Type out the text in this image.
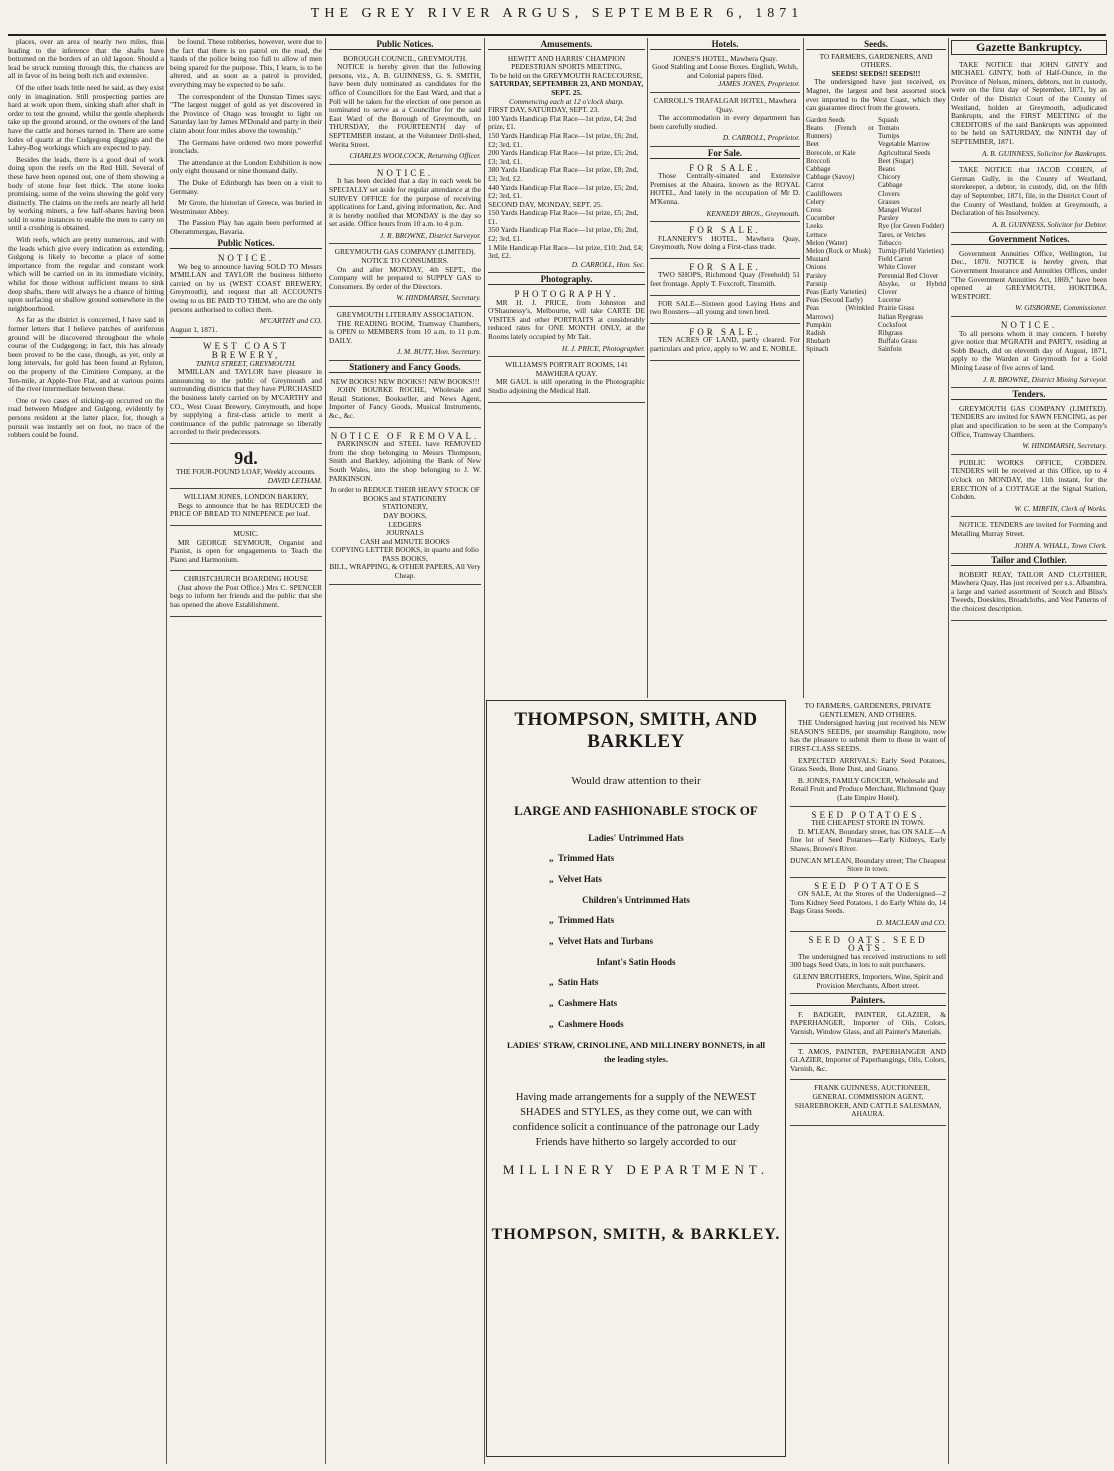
THE GREY RIVER ARGUS, SEPTEMBER 6, 1871

places, over an area of nearly two miles, thus leading to the inference that the shafts have bottomed on the borders of an old lagoon. Should a lead be struck running through this, the chances are all in favor of its being both rich and extensive.

Of the other leads little need be said, as they exist only in imagination. Still prospecting parties are hard at work upon them, sinking shaft after shaft in order to test the ground, whilst the gentle shepherds take up the ground around, or the owners of the land have the cattle and horses turned in. There are some lodes of quartz at the Cudgegong diggings and the Lahey-Bog workings which are expected to pay.

Besides the leads, there is a good deal of work doing upon the reefs on the Red Hill. Several of these have been opened out, one of them showing a body of stone four feet thick. The stone looks promising, some of the veins showing the gold very distinctly. The claims on the reefs are nearly all held by working miners, a few half-shares having been sold in some instances to enable the men to carry on until a crushing is obtained.

With reefs, which are pretty numerous, and with the leads which give every indication as extending, Gulgong is likely to become a place of some importance from the regular and constant work which will be carried on in its immediate vicinity, whilst for those without sufficient means to sink deep shafts, there will always be a chance of hitting upon surfacing or shallow ground somewhere in the neighbourhood.

As far as the district is concerned, I have said in former letters that I believe patches of auriferous ground will be discovered throughout the whole course of the Cudgegong; in fact, this has already been proved to be the case, though, as yet, only at long intervals, for gold has been found at Rylston, on the property of the Cimitiere Company, at the Ten-mile, at Apple-Tree Flat, and at various points of the river intermediate between these.

One or two cases of sticking-up occurred on the road between Mudgee and Gulgong, evidently by persons resident at the latter place, for, though a pursuit was instantly set on foot, no trace of the robbers could be found.

be found. These robberies, however, were due to the fact that there is no patrol on the road, the hands of the police being too full to allow of men being spared for the purpose. This, I learn, is to be altered, and as soon as a patrol is provided, everything may be expected to be safe.

The correspondent of the Dunstan Times says: "The largest nugget of gold as yet discovered in the Province of Otago was brought to light on Saturday last by James M'Donald and party in their claim about four miles above the township."

The Germans have ordered two more powerful ironclads.

The attendance at the London Exhibition is now only eight thousand or nine thousand daily.

The Duke of Edinburgh has been on a visit to Germany.

Mr Grote, the historian of Greece, was buried in Westminster Abbey.

The Passion Play has again been performed at Oberammergau, Bavaria.

Public Notices.
NOTICE.

We beg to announce having SOLD TO Messrs M'MILLAN and TAYLOR the business hitherto carried on by us (WEST COAST BREWERY, Greymouth), and request that all ACCOUNTS owing to us BE PAID TO THEM, who are the only persons authorised to collect them.

M'CARTHY and CO.
August 1, 1871.
WEST COAST BREWERY,
TAINUI STREET, GREYMOUTH.

M'MILLAN and TAYLOR have pleasure in announcing to the public of Greymouth and surrounding districts that they have PURCHASED the business lately carried on by M'CARTHY and CO., West Coast Brewery, Greymouth, and hope by supplying a first-class article to merit a continuance of the public patronage so liberally accorded to their predecessors.

9d.
THE FOUR-POUND LOAF, Weekly accounts.
DAVID LETHAM.
WILLIAM JONES, LONDON BAKERY,

Begs to announce that he has REDUCED the PRICE OF BREAD TO NINEPENCE per loaf.

MUSIC.

MR GEORGE SEYMOUR, Organist and Pianist, is open for engagements to Teach the Piano and Harmonium.

CHRISTCHURCH BOARDING HOUSE

(Just above the Post Office.) Mrs C. SPENCER begs to inform her friends and the public that she has opened the above Establishment.

Public Notices.
BOROUGH COUNCIL, GREYMOUTH.

NOTICE is hereby given that the following persons, viz., A. B. GUINNESS, G. S. SMITH, have been duly nominated as candidates for the office of Councillors for the East Ward, and that a Poll will be taken for the election of one person as nominated to serve as a Councillor for the said East Ward of the Borough of Greymouth, on THURSDAY, the FOURTEENTH day of SEPTEMBER instant, at the Volunteer Drill-shed, Werita Street.

CHARLES WOOLCOCK, Returning Officer.
NOTICE.

It has been decided that a day in each week be SPECIALLY set aside for regular attendance at the SURVEY OFFICE for the purpose of receiving applications for Land, giving information, &c. And it is hereby notified that MONDAY is the day so set aside. Office hours from 10 a.m. to 4 p.m.

J. R. BROWNE, District Surveyor.
GREYMOUTH GAS COMPANY (LIMITED).
NOTICE TO CONSUMERS.

On and after MONDAY, 4th SEPT., the Company will be prepared to SUPPLY GAS to Consumers. By order of the Directors.

W. HINDMARSH, Secretary.
GREYMOUTH LITERARY ASSOCIATION.

THE READING ROOM, Tramway Chambers, is OPEN to MEMBERS from 10 a.m. to 11 p.m. DAILY.

J. M. BUTT, Hon. Secretary.
Stationery and Fancy Goods.
NEW BOOKS! NEW BOOKS!! NEW BOOKS!!!

JOHN BOURKE ROCHE, Wholesale and Retail Stationer, Bookseller, and News Agent, Importer of Fancy Goods, Musical Instruments, &c., &c.

NOTICE OF REMOVAL.

PARKINSON and STEEL have REMOVED from the shop belonging to Messrs Thompson, Smith and Barkley, adjoining the Bank of New South Wales, into the shop belonging to J. W. PARKINSON.

In order to REDUCE THEIR HEAVY STOCK OF BOOKS and STATIONERY
STATIONERY,
DAY BOOKS,
LEDGERS
JOURNALS
CASH and MINUTE BOOKS
COPYING LETTER BOOKS, in quarto and folio
PASS BOOKS,
BILL, WRAPPING, & OTHER PAPERS, All Very Cheap.
Amusements.
HEWITT AND HARRIS' CHAMPION
PEDESTRIAN SPORTS MEETING,
To be held on the GREYMOUTH RACECOURSE,
SATURDAY, SEPTEMBER 23, AND MONDAY, SEPT. 25.
Commencing each at 12 o'clock sharp.
FIRST DAY, SATURDAY, SEPT. 23.
100 Yards Handicap Flat Race—1st prize, £4; 2nd prize, £1.
150 Yards Handicap Flat Race—1st prize, £6; 2nd, £2; 3rd, £1.
200 Yards Handicap Flat Race—1st prize, £5; 2nd, £3; 3rd, £1.
380 Yards Handicap Flat Race—1st prize, £8; 2nd, £3; 3rd, £2.
440 Yards Handicap Flat Race—1st prize, £5; 2nd, £2; 3rd, £1.
SECOND DAY, MONDAY, SEPT. 25.
150 Yards Handicap Flat Race—1st prize, £5; 2nd, £1.
350 Yards Handicap Flat Race—1st prize, £6; 2nd, £2; 3rd, £1.
1 Mile Handicap Flat Race—1st prize, £10; 2nd, £4; 3rd, £2.
D. CARROLL, Hon. Sec.
Photography.
PHOTOGRAPHY.

MR H. J. PRICE, from Johnston and O'Shaunessy's, Melbourne, will take CARTE DE VISITES and other PORTRAITS at considerably reduced rates for ONE MONTH ONLY, at the Rooms lately occupied by Mr Tait.

H. J. PRICE, Photographer.
WILLIAMS'S PORTRAIT ROOMS, 141 MAWHERA QUAY.

MR GAUL is still operating in the Photographic Studio adjoining the Medical Hall.

Hotels.
JONES'S HOTEL, Mawhera Quay.
Good Stabling and Loose Boxes. English, Welsh, and Colonial papers filed.
JAMES JONES, Proprietor.
CARROLL'S TRAFALGAR HOTEL, Mawhera Quay.

The accommodation in every department has been carefully studied.

D. CARROLL, Proprietor.
For Sale.
FOR SALE.

Those Centrally-situated and Extensive Premises at the Ahaura, known as the ROYAL HOTEL, And lately in the occupation of Mr D. M'Kenna.

KENNEDY BROS., Greymouth.
FOR SALE.

FLANNERY'S HOTEL, Mawhera Quay, Greymouth, Now doing a First-class trade.

FOR SALE.

TWO SHOPS, Richmond Quay (Freehold) 51 feet frontage. Apply T. Foxcroft, Tinsmith.

FOR SALE—Sixteen good Laying Hens and two Roosters—all young and town bred.

FOR SALE.

TEN ACRES OF LAND, partly cleared. For particulars and price, apply to W. and E. NOBLE.

Seeds.
TO FARMERS, GARDENERS, AND OTHERS.
SEEDS! SEEDS!! SEEDS!!!

The undersigned have just received, ex Magnet, the largest and best assorted stock ever imported to the West Coast, which they can guarantee direct from the growers.

Garden Seeds
Beans (French or Runners)
Beet
Borecole, or Kale
Broccoli
Cabbage
Cabbage (Savoy)
Carrot
Cauliflowers
Celery
Cress
Cucumber
Leeks
Lettuce
Melon (Water)
Melon (Rock or Musk)
Mustard
Onions
Parsley
Parsnip
Peas (Early Varieties)
Peas (Second Early)
Peas (Wrinkled Marrows)
Pumpkin
Radish
Rhubarb
Spinach
Squash
Tomato
Turnips
Vegetable Marrow
Agricultural Seeds
Beet (Sugar)
Beans
Chicory
Cabbage
Clovers
Grasses
Mangel Wurzel
Parsley
Rye (for Green Fodder)
Tares, or Vetches
Tobacco
Turnip (Field Varieties)
Field Carrot
White Clover
Perennial Red Clover
Alsyke, or Hybrid Clover
Lucerne
Prairie Grass
Italian Ryegrass
Cocksfoot
Ribgrass
Buffalo Grass
Sainfoin
THOMPSON, SMITH, AND BARKLEY
Would draw attention to their
LARGE AND FASHIONABLE STOCK OF
Ladies' Untrimmed Hats
„  Trimmed Hats
„  Velvet Hats
Children's Untrimmed Hats
„  Trimmed Hats
„  Velvet Hats and Turbans
Infant's Satin Hoods
„  Satin Hats
„  Cashmere Hats
„  Cashmere Hoods
LADIES' STRAW, CRINOLINE, AND MILLINERY BONNETS, in all
the leading styles.
Having made arrangements for a supply of the NEWEST SHADES and STYLES, as they come out, we can with confidence solicit a continuance of the patronage our Lady Friends have hitherto so largely accorded to our
MILLINERY DEPARTMENT.
THOMPSON, SMITH, & BARKLEY.
TO FARMERS, GARDENERS, PRIVATE GENTLEMEN, AND OTHERS.

THE Undersigned having just received his NEW SEASON'S SEEDS, per steamship Rangitoto, now has the pleasure to submit them to those in want of FIRST-CLASS SEEDS.

EXPECTED ARRIVALS: Early Seed Potatoes, Grass Seeds, Bone Dust, and Guano.

B. JONES, FAMILY GROCER, Wholesale and Retail Fruit and Produce Merchant, Richmond Quay (Late Empire Hotel).
SEED POTATOES.
THE CHEAPEST STORE IN TOWN.

D. M'LEAN, Boundary street, has ON SALE—A fine lot of Seed Potatoes—Early Kidneys, Early Shaws, Brown's River.

DUNCAN M'LEAN, Boundary street; The Cheapest Store in town.
SEED POTATOES

ON SALE, At the Stores of the Undersigned—2 Tons Kidney Seed Potatoes, 1 do Early White do, 14 Bags Grass Seeds.

D. MACLEAN and CO.
SEED OATS. SEED OATS.

The undersigned has received instructions to sell 300 bags Seed Oats, in lots to suit purchasers.

GLENN BROTHERS, Importers, Wine, Spirit and Provision Merchants, Albert street.
Painters.

F. BADGER, PAINTER, GLAZIER, & PAPERHANGER, Importer of Oils, Colors, Varnish, Window Glass, and all Painter's Materials.

T. AMOS, PAINTER, PAPERHANGER AND GLAZIER, Importer of Paperhangings, Oils, Colors, Varnish, &c.

FRANK GUINNESS, AUCTIONEER, GENERAL COMMISSION AGENT, SHAREBROKER, AND CATTLE SALESMAN, AHAURA.

Gazette Bankruptcy.

TAKE NOTICE that JOHN GINTY and MICHAEL GINTY, both of Half-Ounce, in the Province of Nelson, miners, debtors, not in custody, were on the first day of September, 1871, by an Order of the District Court of the County of Westland, holden at Greymouth, adjudicated Bankrupts, and the FIRST MEETING of the CREDITORS of the said Bankrupts was appointed to be held on SATURDAY, the NINTH day of SEPTEMBER, 1871.

A. B. GUINNESS, Solicitor for Bankrupts.

TAKE NOTICE that JACOB COHEN, of German Gully, in the County of Westland, storekeeper, a debtor, in custody, did, on the fifth day of September, 1871, file, in the District Court of the County of Westland, holden at Greymouth, a Declaration of his Insolvency.

A. B. GUINNESS, Solicitor for Debtor.
Government Notices.

Government Annuities Office, Wellington, 1st Dec., 1870. NOTICE is hereby given, that Government Insurance and Annuities Offices, under "The Government Annuities Act, 1869," have been opened at GREYMOUTH, HOKITIKA, WESTPORT.

W. GISBORNE, Commissioner.
NOTICE.

To all persons whom it may concern. I hereby give notice that M'GRATH and PARTY, residing at Sobb Beach, did on eleventh day of August, 1871, apply to the Warden at Greymouth for a Gold Mining Lease of five acres of land.

J. R. BROWNE, District Mining Surveyor.
Tenders.

GREYMOUTH GAS COMPANY (LIMITED). TENDERS are invited for SAWN FENCING, as per plan and specification to be seen at the Company's Office, Tramway Chambers.

W. HINDMARSH, Secretary.

PUBLIC WORKS OFFICE, COBDEN. TENDERS will be received at this Office, up to 4 o'clock on MONDAY, the 11th instant, for the ERECTION of a COTTAGE at the Signal Station, Cobden.

W. C. MIRFIN, Clerk of Works.

NOTICE. TENDERS are invited for Forming and Metalling Murray Street.

JOHN A. WHALL, Town Clerk.
Tailor and Clothier.

ROBERT REAY, TAILOR AND CLOTHIER, Mawhera Quay, Has just received per s.s. Albambra, a large and varied assortment of Scotch and Bliss's Tweeds, Doeskins, Broadcloths, and Vest Patterns of the choicest description.
